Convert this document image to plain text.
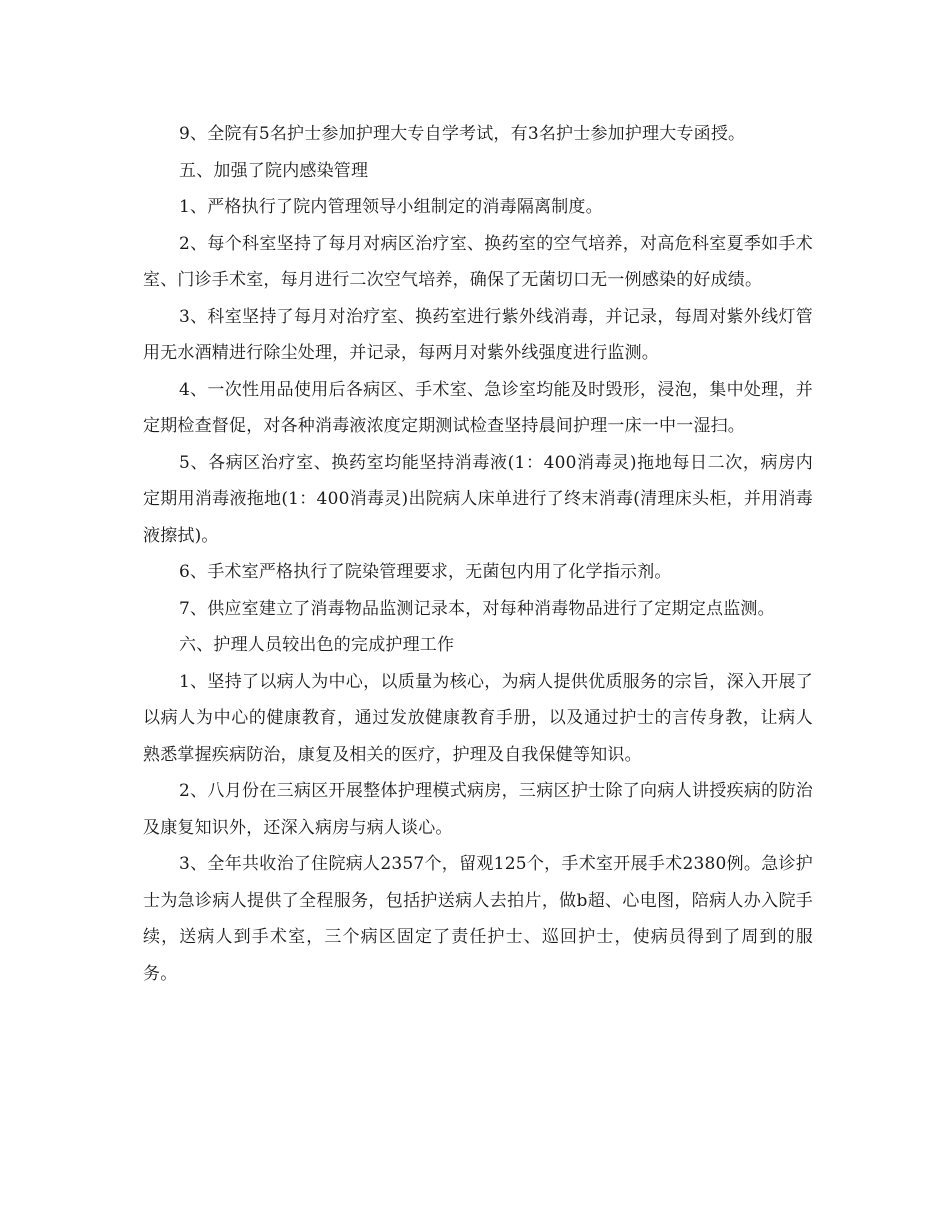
9、全院有5名护士参加护理大专自学考试，有3名护士参加护理大专函授。

五、加强了院内感染管理

1、严格执行了院内管理领导小组制定的消毒隔离制度。

2、每个科室坚持了每月对病区治疗室、换药室的空气培养，对高危科室夏季如手术室、门诊手术室，每月进行二次空气培养，确保了无菌切口无一例感染的好成绩。

3、科室坚持了每月对治疗室、换药室进行紫外线消毒，并记录，每周对紫外线灯管用无水酒精进行除尘处理，并记录，每两月对紫外线强度进行监测。

4、一次性用品使用后各病区、手术室、急诊室均能及时毁形，浸泡，集中处理，并定期检查督促，对各种消毒液浓度定期测试检查坚持晨间护理一床一中一湿扫。

5、各病区治疗室、换药室均能坚持消毒液(1：400消毒灵)拖地每日二次，病房内定期用消毒液拖地(1：400消毒灵)出院病人床单进行了终末消毒(清理床头柜，并用消毒液擦拭)。

6、手术室严格执行了院染管理要求，无菌包内用了化学指示剂。

7、供应室建立了消毒物品监测记录本，对每种消毒物品进行了定期定点监测。

六、护理人员较出色的完成护理工作

1、坚持了以病人为中心，以质量为核心，为病人提供优质服务的宗旨，深入开展了以病人为中心的健康教育，通过发放健康教育手册，以及通过护士的言传身教，让病人熟悉掌握疾病防治，康复及相关的医疗，护理及自我保健等知识。

2、八月份在三病区开展整体护理模式病房，三病区护士除了向病人讲授疾病的防治及康复知识外，还深入病房与病人谈心。

3、全年共收治了住院病人2357个，留观125个，手术室开展手术2380例。急诊护士为急诊病人提供了全程服务，包括护送病人去拍片，做b超、心电图，陪病人办入院手续，送病人到手术室，三个病区固定了责任护士、巡回护士，使病员得到了周到的服务。
